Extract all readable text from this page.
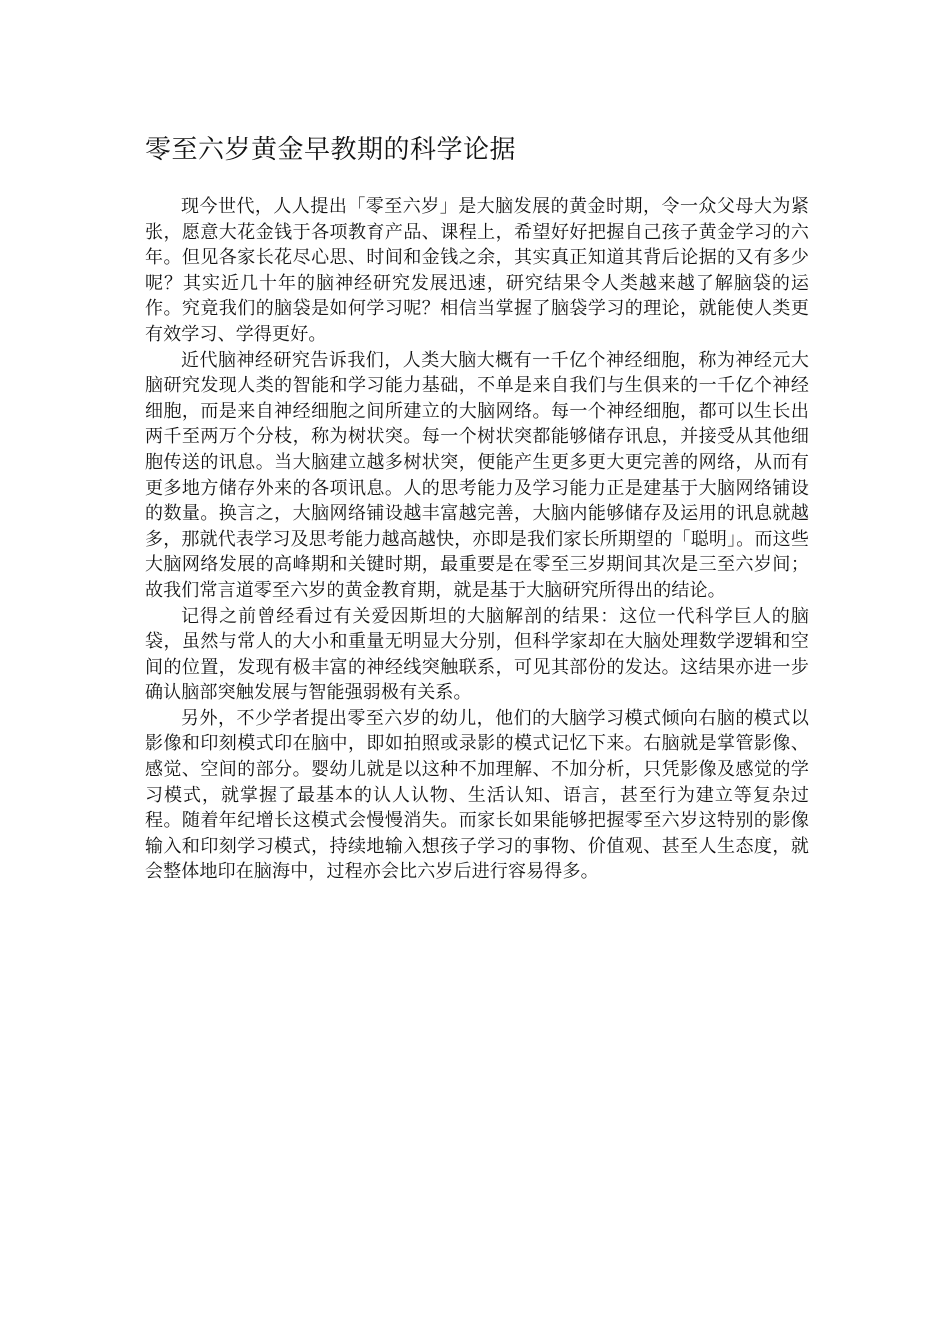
零至六岁黄金早教期的科学论据

现今世代，人人提出「零至六岁」是大脑发展的黄金时期，令一众父母大为紧张，愿意大花金钱于各项教育产品、课程上，希望好好把握自己孩子黄金学习的六年。但见各家长花尽心思、时间和金钱之余，其实真正知道其背后论据的又有多少呢？其实近几十年的脑神经研究发展迅速，研究结果令人类越来越了解脑袋的运作。究竟我们的脑袋是如何学习呢？相信当掌握了脑袋学习的理论，就能使人类更有效学习、学得更好。

近代脑神经研究告诉我们，人类大脑大概有一千亿个神经细胞，称为神经元大脑研究发现人类的智能和学习能力基础，不单是来自我们与生俱来的一千亿个神经细胞，而是来自神经细胞之间所建立的大脑网络。每一个神经细胞，都可以生长出两千至两万个分枝，称为树状突。每一个树状突都能够储存讯息，并接受从其他细胞传送的讯息。当大脑建立越多树状突，便能产生更多更大更完善的网络，从而有更多地方储存外来的各项讯息。人的思考能力及学习能力正是建基于大脑网络铺设的数量。换言之，大脑网络铺设越丰富越完善，大脑内能够储存及运用的讯息就越多，那就代表学习及思考能力越高越快，亦即是我们家长所期望的「聪明」。而这些大脑网络发展的高峰期和关键时期，最重要是在零至三岁期间其次是三至六岁间；故我们常言道零至六岁的黄金教育期，就是基于大脑研究所得出的结论。

记得之前曾经看过有关爱因斯坦的大脑解剖的结果：这位一代科学巨人的脑袋，虽然与常人的大小和重量无明显大分别，但科学家却在大脑处理数学逻辑和空间的位置，发现有极丰富的神经线突触联系，可见其部份的发达。这结果亦进一步确认脑部突触发展与智能强弱极有关系。

另外，不少学者提出零至六岁的幼儿，他们的大脑学习模式倾向右脑的模式以影像和印刻模式印在脑中，即如拍照或录影的模式记忆下来。右脑就是掌管影像、感觉、空间的部分。婴幼儿就是以这种不加理解、不加分析，只凭影像及感觉的学习模式，就掌握了最基本的认人认物、生活认知、语言，甚至行为建立等复杂过程。随着年纪增长这模式会慢慢消失。而家长如果能够把握零至六岁这特别的影像输入和印刻学习模式，持续地输入想孩子学习的事物、价值观、甚至人生态度，就会整体地印在脑海中，过程亦会比六岁后进行容易得多。
